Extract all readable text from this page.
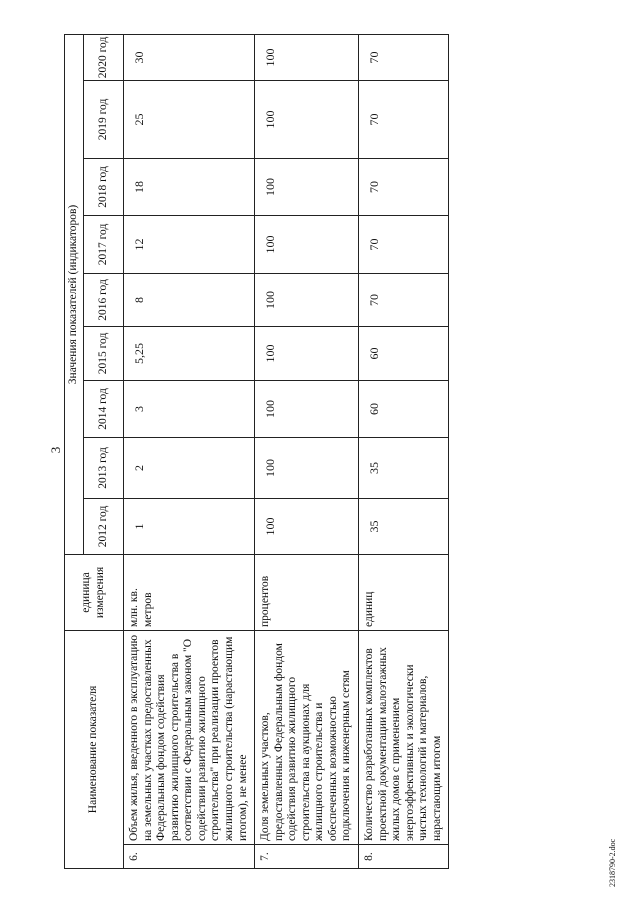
3
Наименование показателя		единица измерения	Значения показателей (индикаторов)								
			2012 год	2013 год	2014 год	2015 год	2016 год	2017 год	2018 год	2019 год	2020 год
6.	Объем жилья, введенного в эксплуатацию на земельных участках предоставленных Федеральным фондом содействия развитию жилищного строительства в соответствии с Федеральным законом "О содействии развитию жилищного строительства" при реализации проектов жилищного строительства (нарастающим итогом), не менее	млн. кв. метров	1	2	3	5,25	8	12	18	25	30
7.	Доля земельных участков, предоставленных Федеральным фондом содействия развитию жилищного строительства на аукционах для жилищного строительства и обеспеченных возможностью подключения к инженерным сетям	процентов	100	100	100	100	100	100	100	100	100
8.	Количество разработанных комплектов проектной документации малоэтажных жилых домов с применением энергоэффективных и экологически чистых технологий и материалов, нарастающим итогом	единиц	35	35	60	60	70	70	70	70	70
2318790-2.doc
